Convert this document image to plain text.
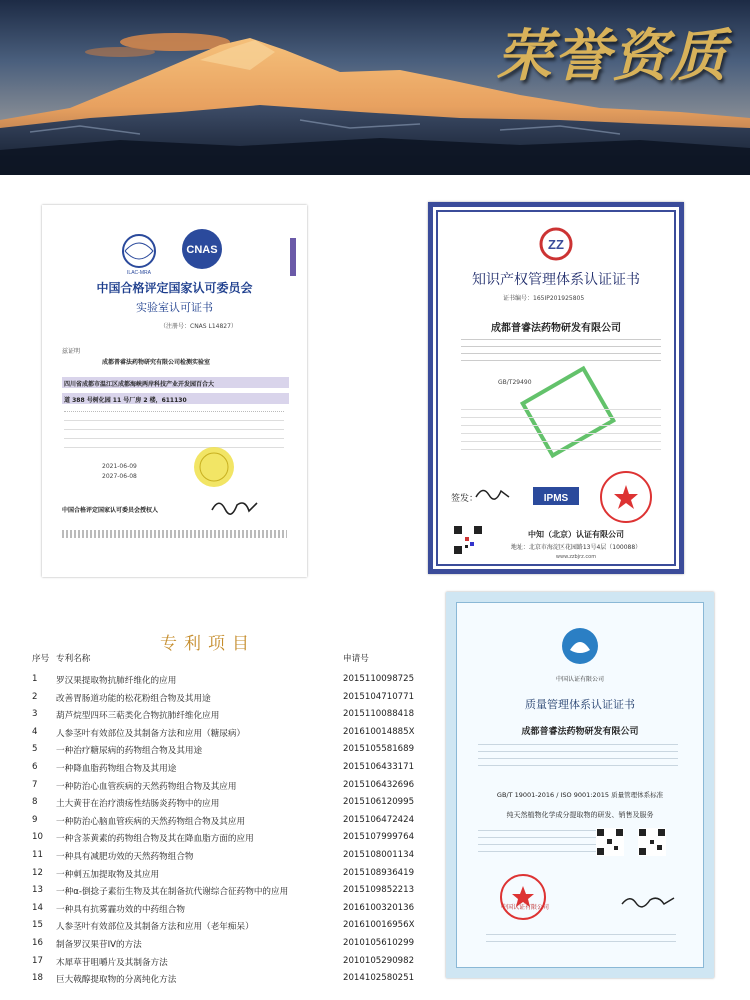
荣誉资质
CNAS
ILAC-MRA
中国合格评定国家认可委员会
实验室认可证书
（注册号：CNAS L14827）
兹证明
成都普睿法药物研究有限公司检测实验室
四川省成都市温江区成都海峡两岸科技产业开发园百合大
道 388 号树化园 11 号厂房 2 楼，611130
2021-06-09
2027-06-08
中国合格评定国家认可委员会授权人
ZZ
知识产权管理体系认证证书
证书编号：165IP201925805
成都普睿法药物研发有限公司
GB/T29490
签发：	IPMS
中知（北京）认证有限公司
地址：北京市海淀区花园路13号4层（100088）
www.zzbjrz.com
中国认证有限公司
质量管理体系认证证书
成都普睿法药物研发有限公司
GB/T 19001-2016 / ISO 9001:2015 质量管理体系标准
纯天然植物化学成分提取物的研发、销售及服务
中国认证有限公司
专利项目
序号 专利名称	申请号
1 罗汉果提取物抗肺纤维化的应用	2015110098725
2 改善胃肠道功能的松花粉组合物及其用途	2015104710771
3 葫芦烷型四环三萜类化合物抗肺纤维化应用	2015110088418
4 人参茎叶有效部位及其制备方法和应用（糖尿病）	201610014885X
5 一种治疗糖尿病的药物组合物及其用途	2015105581689
6 一种降血脂药物组合物及其用途	2015106433171
7 一种防治心血管疾病的天然药物组合物及其应用	2015106432696
8 土大黄苷在治疗溃疡性结肠炎药物中的应用	2015106120995
9 一种防治心脑血管疾病的天然药物组合物及其应用	2015106472424
10 一种含茶黄素的药物组合物及其在降血脂方面的应用	2015107999764
11 一种具有减肥功效的天然药物组合物	2015108001134
12 一种刺五加提取物及其应用	2015108936419
13 一种α-倒捻子素衍生物及其在制备抗代谢综合征药物中的应用	2015109852213
14 一种具有抗雾霾功效的中药组合物	2016100320136
15 人参茎叶有效部位及其制备方法和应用（老年痴呆）	201610016956X
16 制备罗汉果苷IV的方法	2010105610299
17 木犀草苷咀嚼片及其制备方法	2010105290982
18 巨大戟醇提取物的分离纯化方法	2014102580251
